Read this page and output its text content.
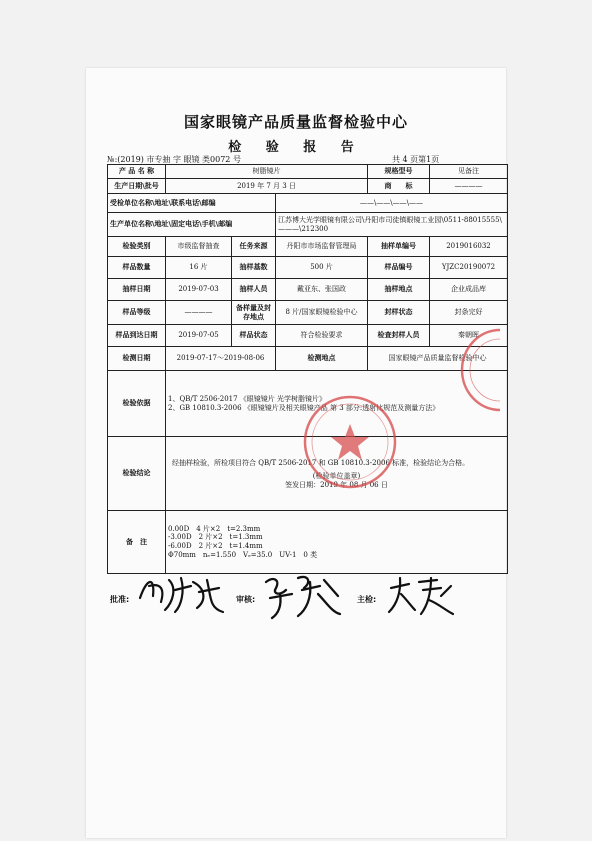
国家眼镜产品质量监督检验中心
检 验 报 告
№:(2019) 市专抽 字 眼镜 类0072 号	共 4 页第1页
产 品 名 称	树脂镜片			规格型号	见备注
生产日期\批号	2019 年 7 月 3 日			商　　标	————
受检单位名称\地址\联系电话\邮编			——\——\——\——		
生产单位名称\地址\固定电话\手机\邮编			江苏博大光学眼镜有限公司\丹阳市司徒镇眼镜工业园\0511-88015555\———\212300		
检验类别	市级监督抽查	任务来源	丹阳市市场监督管理局	抽样单编号	2019016032
样品数量	16 片	抽样基数	500 片	样品编号	YJZC20190072
抽样日期	2019-07-03	抽样人员	戴亚东、张国政	抽样地点	企业成品库
样品等级	————	备样量及封存地点	8 片/国家眼镜检验中心	封样状态	封条完好
样品到达日期	2019-07-05	样品状态	符合检验要求	检查封样人员	秦朝晖
检测日期	2019-07-17～2019-08-06		检测地点	国家眼镜产品质量监督检验中心	
检验依据	1、QB/T 2506-2017 《眼镜镜片 光学树脂镜片》
2、GB 10810.3-2006 《眼镜镜片及相关眼镜产品 第 3 部分:透射比规范及测量方法》				

检验结论	经抽样检验，所检项目符合 QB/T 2506-2017 和 GB 10810.3-2006 标准，检验结论为合格。
(检验单位盖章)
签发日期：2019 年 08 月 06 日				

备　注	0.00D　4 片×2　t=2.3mm
-3.00D　2 片×2　t=1.3mm
-6.00D　2 片×2　t=1.4mm
Φ70mm　nₑ=1.550　Vₑ=35.0　UV-1　0 类				
批准:	审核:	主检:
